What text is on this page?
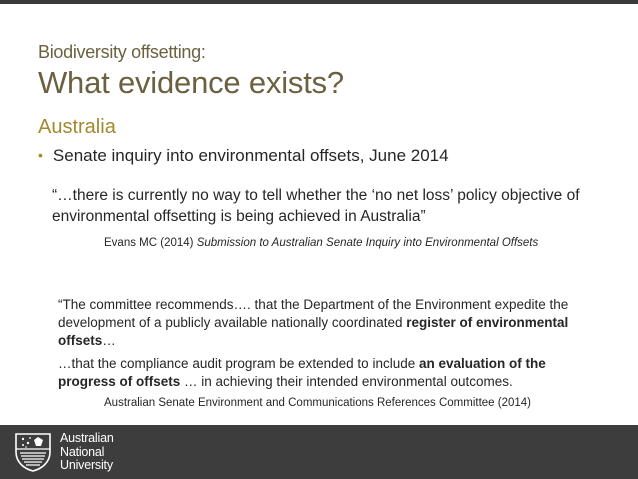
Biodiversity offsetting:
What evidence exists?
Australia
• Senate inquiry into environmental offsets, June 2014
“…there is currently no way to tell whether the ‘no net loss’ policy objective of environmental offsetting is being achieved in Australia”
Evans MC (2014) Submission to Australian Senate Inquiry into Environmental Offsets

“The committee recommends…. that the Department of the Environment expedite the development of a publicly available nationally coordinated register of environmental offsets…

…that the compliance audit program be extended to include an evaluation of the progress of offsets … in achieving their intended environmental outcomes.

Australian Senate Environment and Communications References Committee (2014)
Australian
National
University
